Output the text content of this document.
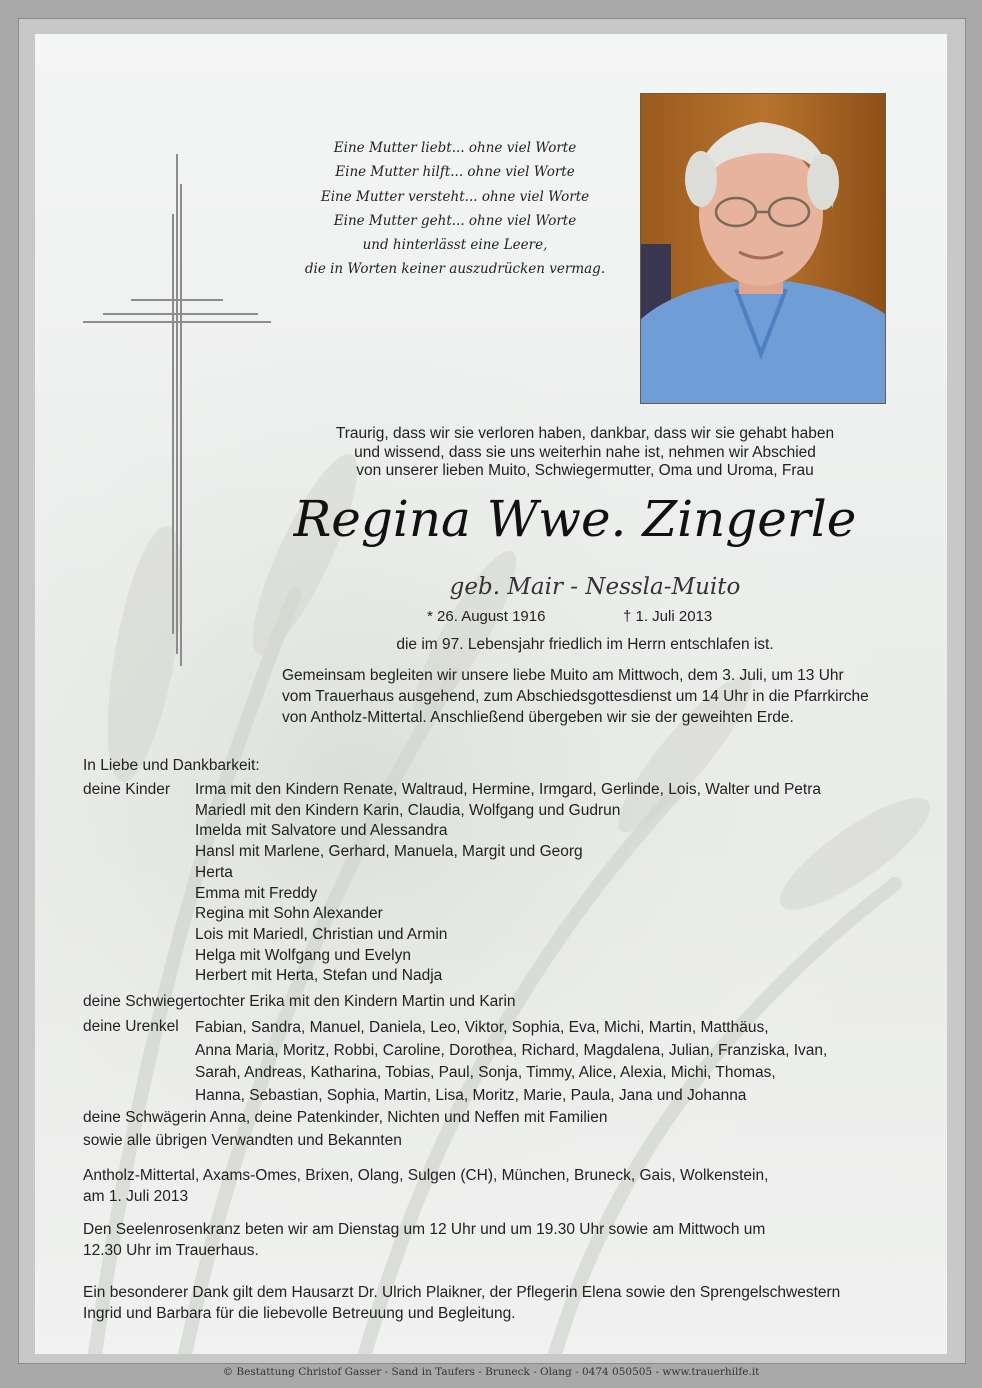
Eine Mutter liebt... ohne viel Worte
Eine Mutter hilft... ohne viel Worte
Eine Mutter versteht... ohne viel Worte
Eine Mutter geht... ohne viel Worte
und hinterlässt eine Leere,
die in Worten keiner auszudrücken vermag.
Traurig, dass wir sie verloren haben, dankbar, dass wir sie gehabt haben
und wissend, dass sie uns weiterhin nahe ist, nehmen wir Abschied
von unserer lieben Muito, Schwiegermutter, Oma und Uroma, Frau
Regina Wwe. Zingerle
geb. Mair - Nessla-Muito
* 26. August 1916	† 1. Juli 2013
die im 97. Lebensjahr friedlich im Herrn entschlafen ist.
Gemeinsam begleiten wir unsere liebe Muito am Mittwoch, dem 3. Juli, um 13 Uhr
vom Trauerhaus ausgehend, zum Abschiedsgottesdienst um 14 Uhr in die Pfarrkirche
von Antholz-Mittertal. Anschließend übergeben wir sie der geweihten Erde.
In Liebe und Dankbarkeit:
deine Kinder Irma mit den Kindern Renate, Waltraud, Hermine, Irmgard, Gerlinde, Lois, Walter und Petra
Mariedl mit den Kindern Karin, Claudia, Wolfgang und Gudrun
Imelda mit Salvatore und Alessandra
Hansl mit Marlene, Gerhard, Manuela, Margit und Georg
Herta
Emma mit Freddy
Regina mit Sohn Alexander
Lois mit Mariedl, Christian und Armin
Helga mit Wolfgang und Evelyn
Herbert mit Herta, Stefan und Nadja
deine Schwiegertochter Erika mit den Kindern Martin und Karin
deine Urenkel Fabian, Sandra, Manuel, Daniela, Leo, Viktor, Sophia, Eva, Michi, Martin, Matthäus,
Anna Maria, Moritz, Robbi, Caroline, Dorothea, Richard, Magdalena, Julian, Franziska, Ivan,
Sarah, Andreas, Katharina, Tobias, Paul, Sonja, Timmy, Alice, Alexia, Michi, Thomas,
Hanna, Sebastian, Sophia, Martin, Lisa, Moritz, Marie, Paula, Jana und Johanna
deine Schwägerin Anna, deine Patenkinder, Nichten und Neffen mit Familien
sowie alle übrigen Verwandten und Bekannten
Antholz-Mittertal, Axams-Omes, Brixen, Olang, Sulgen (CH), München, Bruneck, Gais, Wolkenstein,
am 1. Juli 2013
Den Seelenrosenkranz beten wir am Dienstag um 12 Uhr und um 19.30 Uhr sowie am Mittwoch um
12.30 Uhr im Trauerhaus.
Ein besonderer Dank gilt dem Hausarzt Dr. Ulrich Plaikner, der Pflegerin Elena sowie den Sprengelschwestern
Ingrid und Barbara für die liebevolle Betreuung und Begleitung.
© Bestattung Christof Gasser - Sand in Taufers - Bruneck - Olang - 0474 050505 - www.trauerhilfe.it
